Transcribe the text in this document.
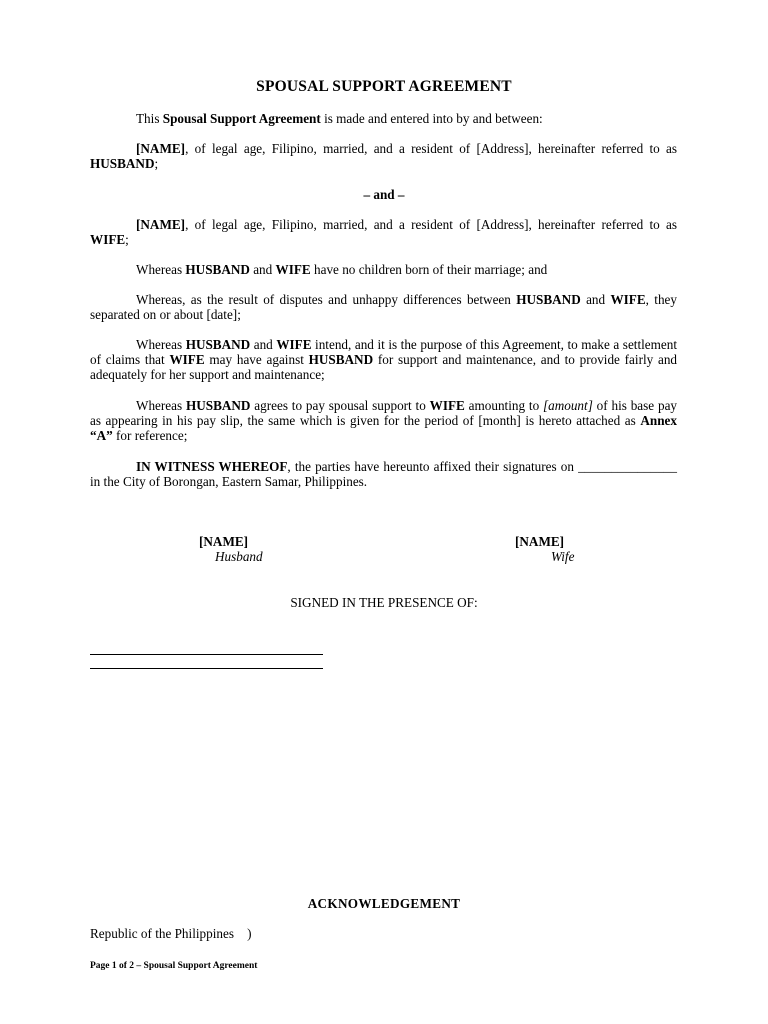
SPOUSAL SUPPORT AGREEMENT
This Spousal Support Agreement is made and entered into by and between:
[NAME], of legal age, Filipino, married, and a resident of [Address], hereinafter referred to as HUSBAND;
– and –
[NAME], of legal age, Filipino, married, and a resident of [Address], hereinafter referred to as WIFE;
Whereas HUSBAND and WIFE have no children born of their marriage; and
Whereas, as the result of disputes and unhappy differences between HUSBAND and WIFE, they separated on or about [date];
Whereas HUSBAND and WIFE intend, and it is the purpose of this Agreement, to make a settlement of claims that WIFE may have against HUSBAND for support and maintenance, and to provide fairly and adequately for her support and maintenance;
Whereas HUSBAND agrees to pay spousal support to WIFE amounting to [amount] of his base pay as appearing in his pay slip, the same which is given for the period of [month] is hereto attached as Annex “A” for reference;
IN WITNESS WHEREOF, the parties have hereunto affixed their signatures on _______________ in the City of Borongan, Eastern Samar, Philippines.
[NAME]
Husband
[NAME]
Wife
SIGNED IN THE PRESENCE OF:
ACKNOWLEDGEMENT
Republic of the Philippines    )
Page 1 of 2 – Spousal Support Agreement
